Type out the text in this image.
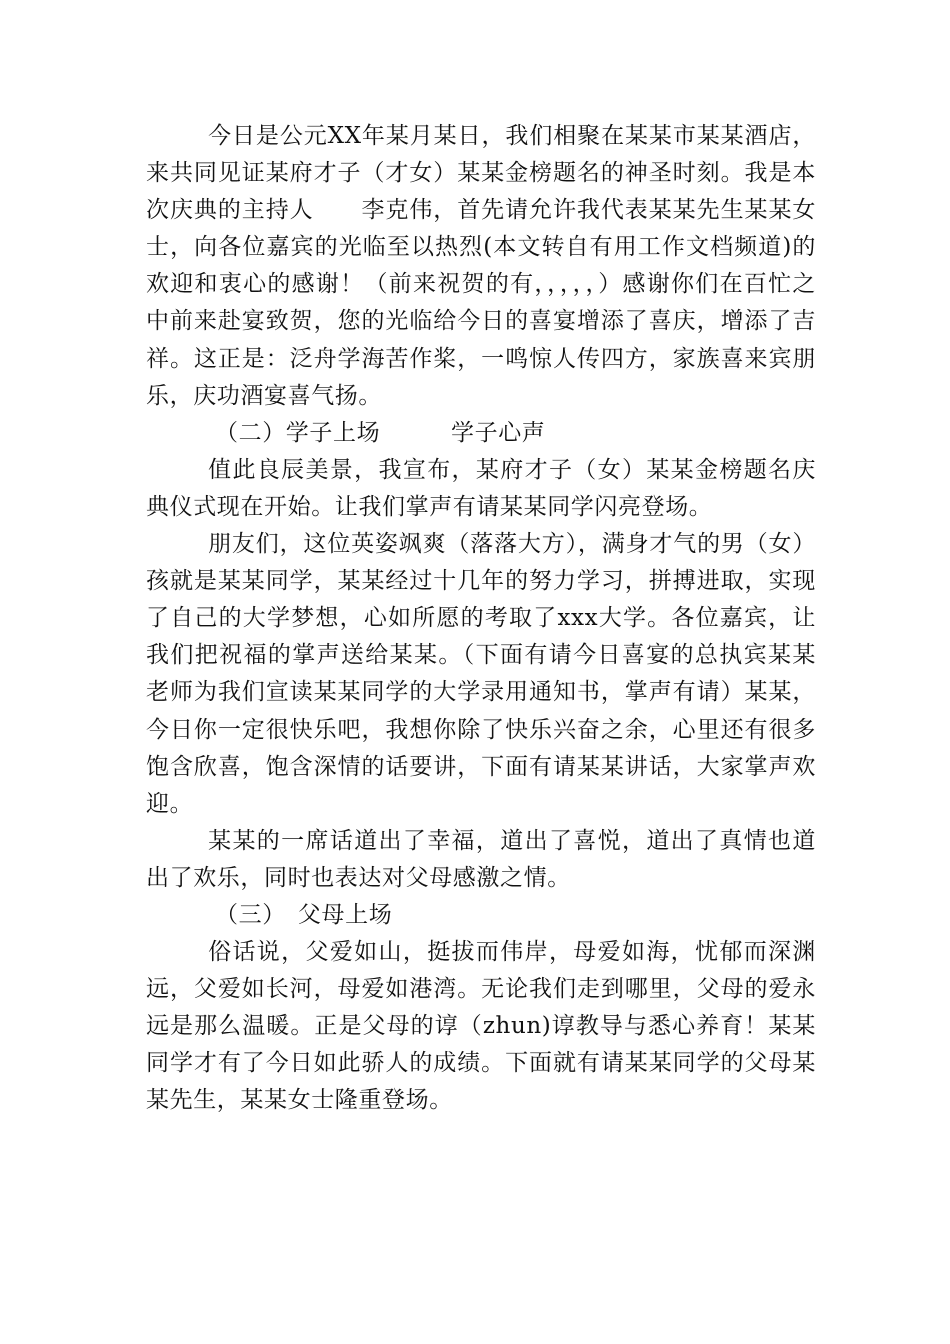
今日是公元XX年某月某日，我们相聚在某某市某某酒店，来共同见证某府才子（才女）某某金榜题名的神圣时刻。我是本次庆典的主持人　　李克伟，首先请允许我代表某某先生某某女士，向各位嘉宾的光临至以热烈(本文转自有用工作文档频道)的欢迎和衷心的感谢！（前来祝贺的有，，，，，）感谢你们在百忙之中前来赴宴致贺，您的光临给今日的喜宴增添了喜庆，增添了吉祥。这正是：泛舟学海苦作桨，一鸣惊人传四方，家族喜来宾朋乐，庆功酒宴喜气扬。

（二）学子上场　　　学子心声

值此良辰美景，我宣布，某府才子（女）某某金榜题名庆典仪式现在开始。让我们掌声有请某某同学闪亮登场。

朋友们，这位英姿飒爽（落落大方），满身才气的男（女）孩就是某某同学，某某经过十几年的努力学习，拼搏进取，实现了自己的大学梦想，心如所愿的考取了xxx大学。各位嘉宾，让我们把祝福的掌声送给某某。（下面有请今日喜宴的总执宾某某老师为我们宣读某某同学的大学录用通知书，掌声有请）某某，今日你一定很快乐吧，我想你除了快乐兴奋之余，心里还有很多饱含欣喜，饱含深情的话要讲，下面有请某某讲话，大家掌声欢迎。

某某的一席话道出了幸福，道出了喜悦，道出了真情也道出了欢乐，同时也表达对父母感激之情。

（三）　父母上场

俗话说，父爱如山，挺拔而伟岸，母爱如海，忧郁而深渊远，父爱如长河，母爱如港湾。无论我们走到哪里，父母的爱永远是那么温暖。正是父母的谆（zhun)谆教导与悉心养育！某某 同学才有了今日如此骄人的成绩。下面就有请某某同学的父母某某先生，某某女士隆重登场。
